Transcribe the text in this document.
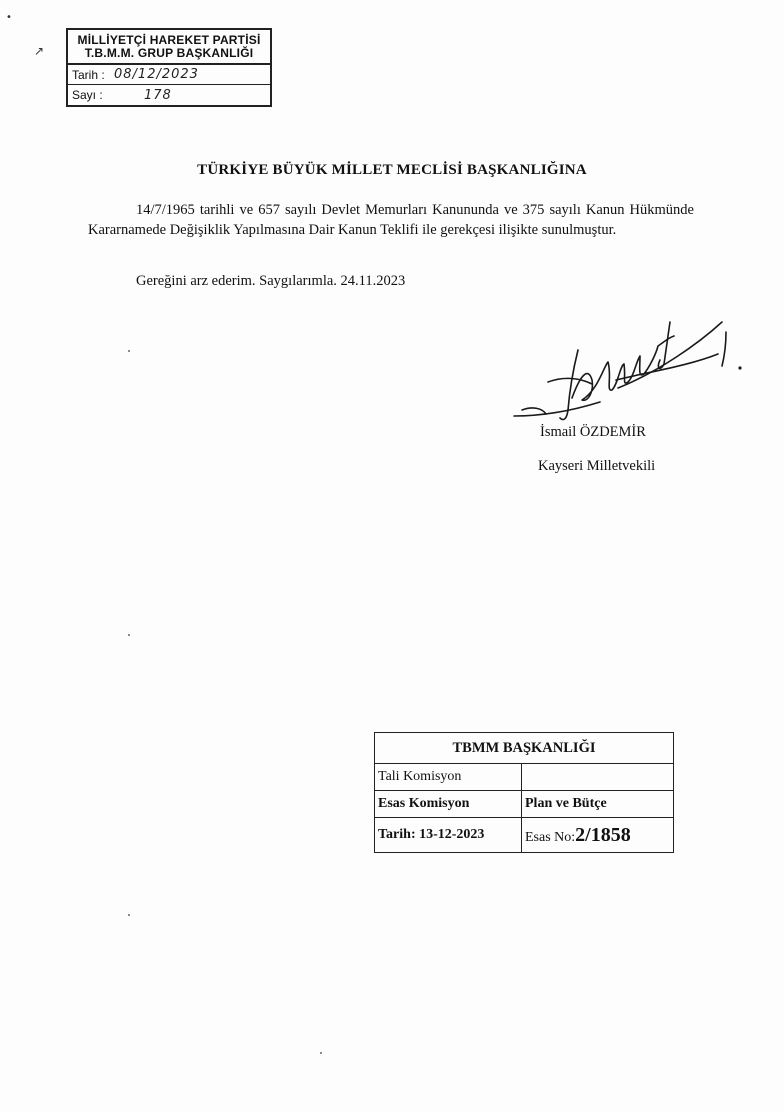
•
↗
MİLLİYETÇİ HAREKET PARTİSİ
T.B.M.M. GRUP BAŞKANLIĞI
Tarih : 08/12/2023
Sayı :	178
TÜRKİYE BÜYÜK MİLLET MECLİSİ BAŞKANLIĞINA
14/7/1965 tarihli ve 657 sayılı Devlet Memurları Kanununda ve 375 sayılı Kanun Hükmünde Kararnamede Değişiklik Yapılmasına Dair Kanun Teklifi ile gerekçesi ilişikte sunulmuştur.
Gereğini arz ederim. Saygılarımla. 24.11.2023
İsmail ÖZDEMİR
Kayseri Milletvekili
TBMM BAŞKANLIĞI	
Tali Komisyon	
Esas Komisyon	Plan ve Bütçe
Tarih: 13-12-2023	Esas No:2/1858
